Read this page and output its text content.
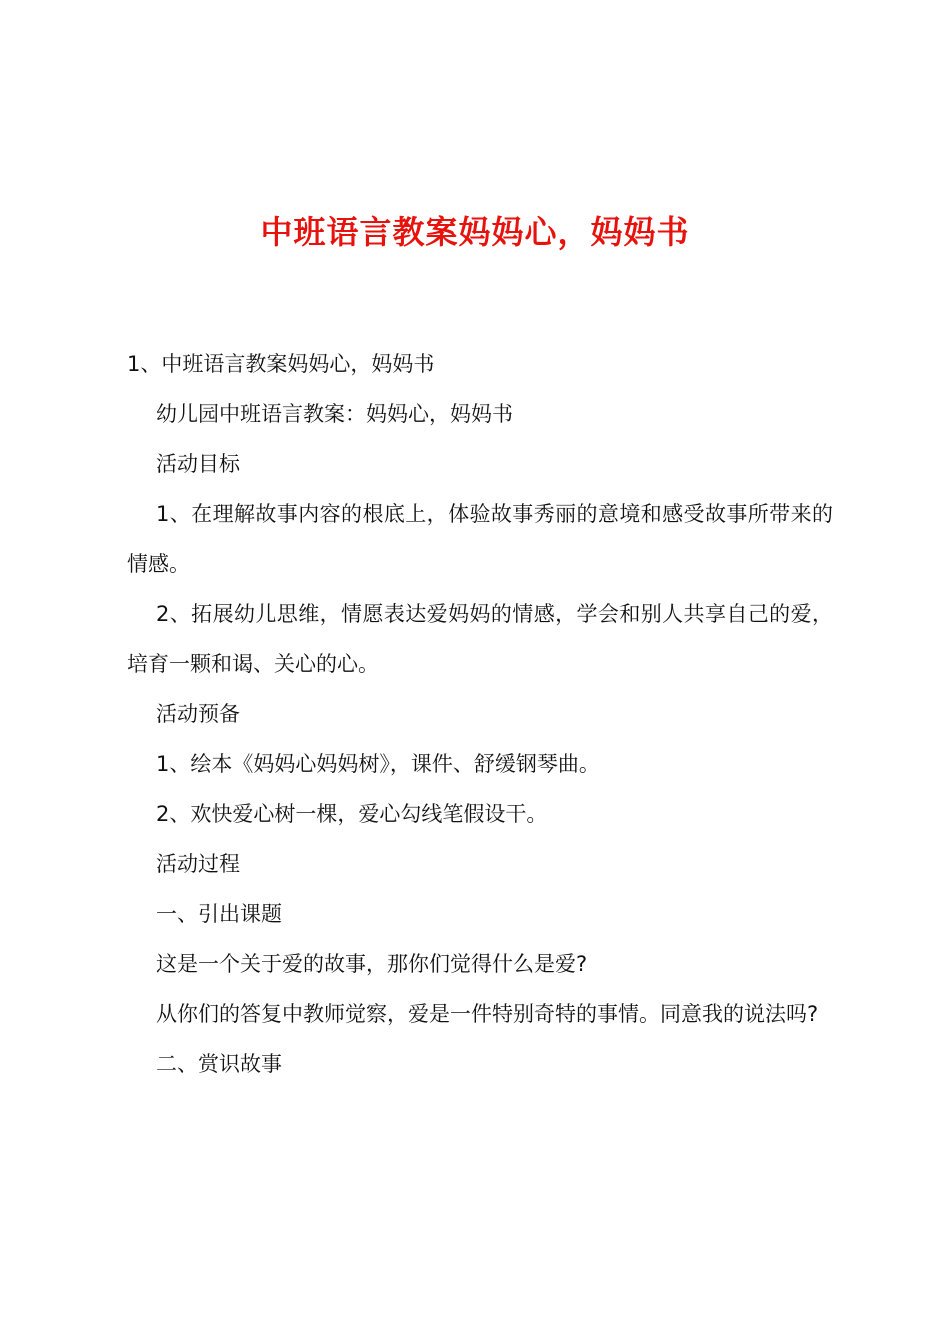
中班语言教案妈妈心，妈妈书

1、中班语言教案妈妈心，妈妈书

幼儿园中班语言教案：妈妈心，妈妈书

活动目标

1、在理解故事内容的根底上，体验故事秀丽的意境和感受故事所带来的情感。

2、拓展幼儿思维，情愿表达爱妈妈的情感，学会和别人共享自己的爱，培育一颗和谒、关心的心。

活动预备

1、绘本《妈妈心妈妈树》，课件、舒缓钢琴曲。

2、欢快爱心树一棵，爱心勾线笔假设干。

活动过程

一、引出课题

这是一个关于爱的故事，那你们觉得什么是爱?

从你们的答复中教师觉察，爱是一件特别奇特的事情。同意我的说法吗?

二、赏识故事
